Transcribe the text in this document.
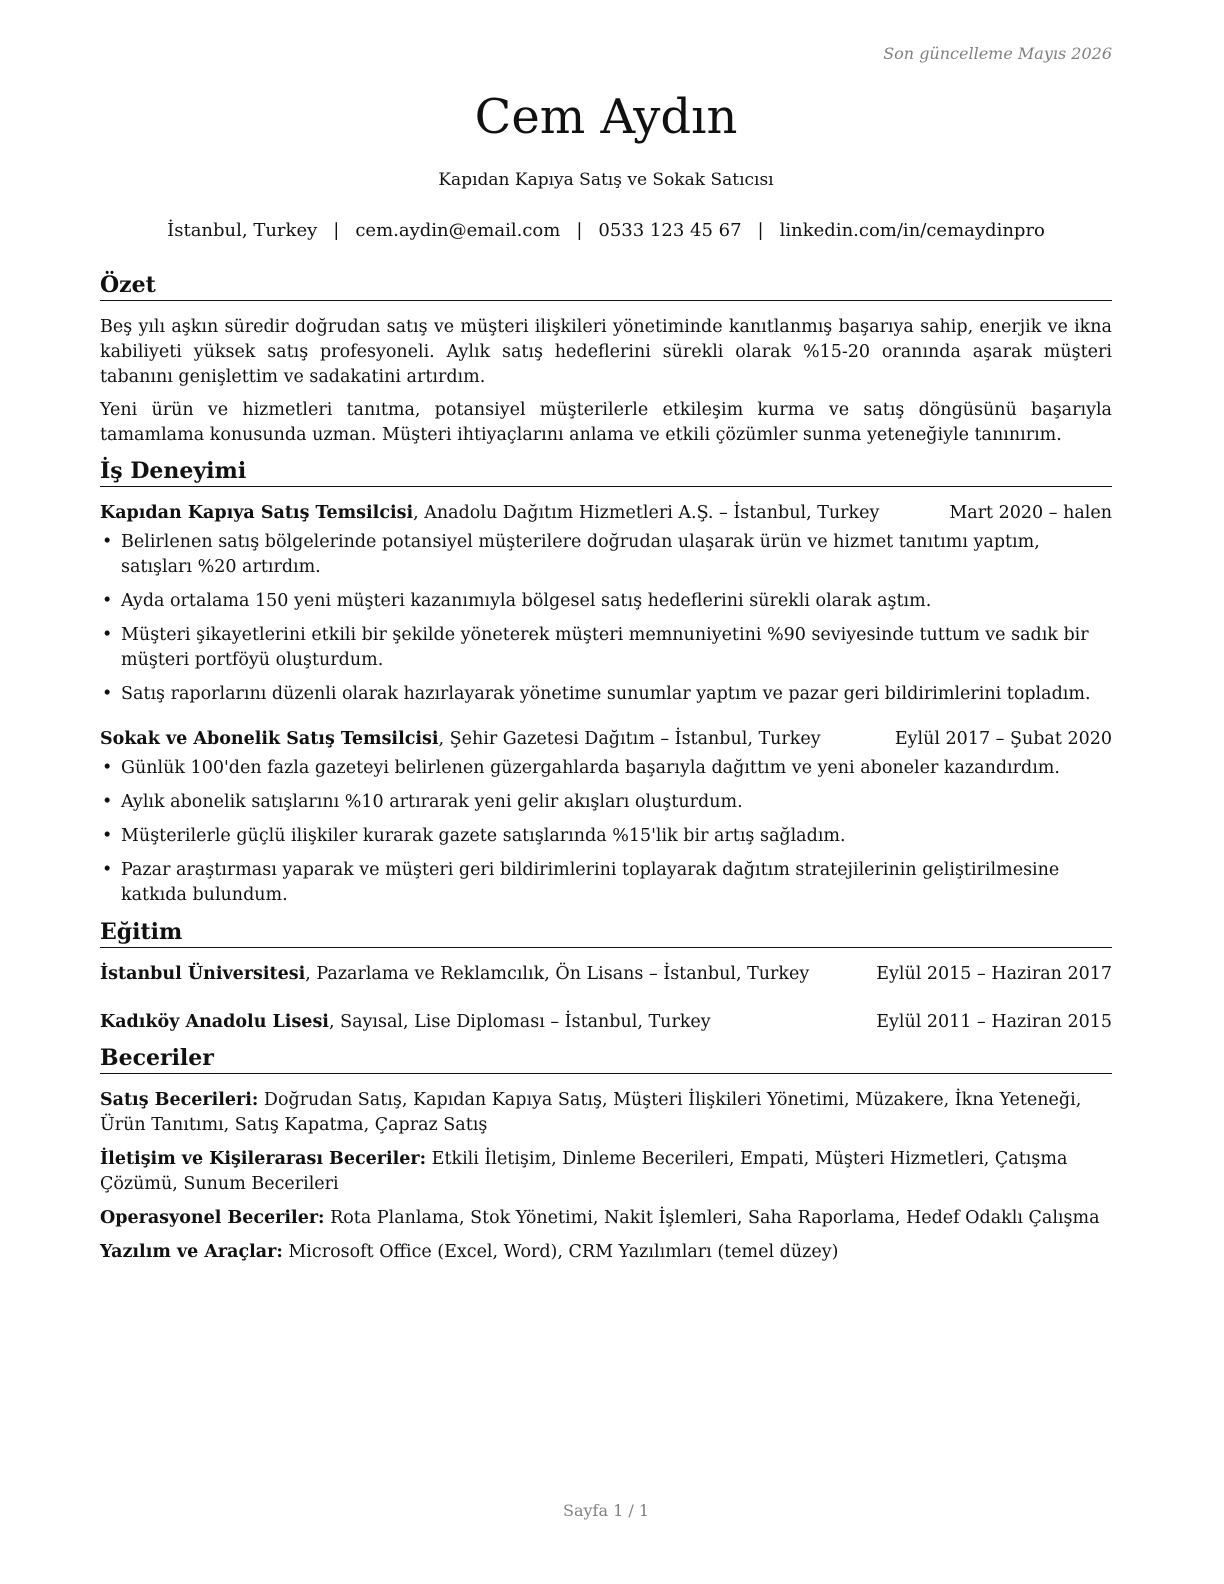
Son güncelleme Mayıs 2026
Cem Aydın
Kapıdan Kapıya Satış ve Sokak Satıcısı
İstanbul, Turkey | cem.aydin@email.com | 0533 123 45 67 | linkedin.com/in/cemaydinpro
Özet

Beş yılı aşkın süredir doğrudan satış ve müşteri ilişkileri yönetiminde kanıtlanmış başarıya sahip, enerjik ve ikna kabiliyeti yüksek satış profesyoneli. Aylık satış hedeflerini sürekli olarak %15-20 oranında aşarak müşteri tabanını genişlettim ve sadakatini artırdım.

Yeni ürün ve hizmetleri tanıtma, potansiyel müşterilerle etkileşim kurma ve satış döngüsünü başarıyla tamamlama konusunda uzman. Müşteri ihtiyaçlarını anlama ve etkili çözümler sunma yeteneğiyle tanınırım.

İş Deneyimi
Kapıdan Kapıya Satış Temsilcisi, Anadolu Dağıtım Hizmetleri A.Ş. – İstanbul, Turkey	Mart 2020 – halen
• Belirlenen satış bölgelerinde potansiyel müşterilere doğrudan ulaşarak ürün ve hizmet tanıtımı yaptım, satışları %20 artırdım.
• Ayda ortalama 150 yeni müşteri kazanımıyla bölgesel satış hedeflerini sürekli olarak aştım.
• Müşteri şikayetlerini etkili bir şekilde yöneterek müşteri memnuniyetini %90 seviyesinde tuttum ve sadık bir müşteri portföyü oluşturdum.
• Satış raporlarını düzenli olarak hazırlayarak yönetime sunumlar yaptım ve pazar geri bildirimlerini topladım.
Sokak ve Abonelik Satış Temsilcisi, Şehir Gazetesi Dağıtım – İstanbul, Turkey	Eylül 2017 – Şubat 2020
• Günlük 100'den fazla gazeteyi belirlenen güzergahlarda başarıyla dağıttım ve yeni aboneler kazandırdım.
• Aylık abonelik satışlarını %10 artırarak yeni gelir akışları oluşturdum.
• Müşterilerle güçlü ilişkiler kurarak gazete satışlarında %15'lik bir artış sağladım.
• Pazar araştırması yaparak ve müşteri geri bildirimlerini toplayarak dağıtım stratejilerinin geliştirilmesine katkıda bulundum.
Eğitim
İstanbul Üniversitesi, Pazarlama ve Reklamcılık, Ön Lisans – İstanbul, Turkey	Eylül 2015 – Haziran 2017
Kadıköy Anadolu Lisesi, Sayısal, Lise Diploması – İstanbul, Turkey	Eylül 2011 – Haziran 2015
Beceriler

Satış Becerileri: Doğrudan Satış, Kapıdan Kapıya Satış, Müşteri İlişkileri Yönetimi, Müzakere, İkna Yeteneği, Ürün Tanıtımı, Satış Kapatma, Çapraz Satış

İletişim ve Kişilerarası Beceriler: Etkili İletişim, Dinleme Becerileri, Empati, Müşteri Hizmetleri, Çatışma Çözümü, Sunum Becerileri

Operasyonel Beceriler: Rota Planlama, Stok Yönetimi, Nakit İşlemleri, Saha Raporlama, Hedef Odaklı Çalışma

Yazılım ve Araçlar: Microsoft Office (Excel, Word), CRM Yazılımları (temel düzey)

Sayfa 1 / 1
